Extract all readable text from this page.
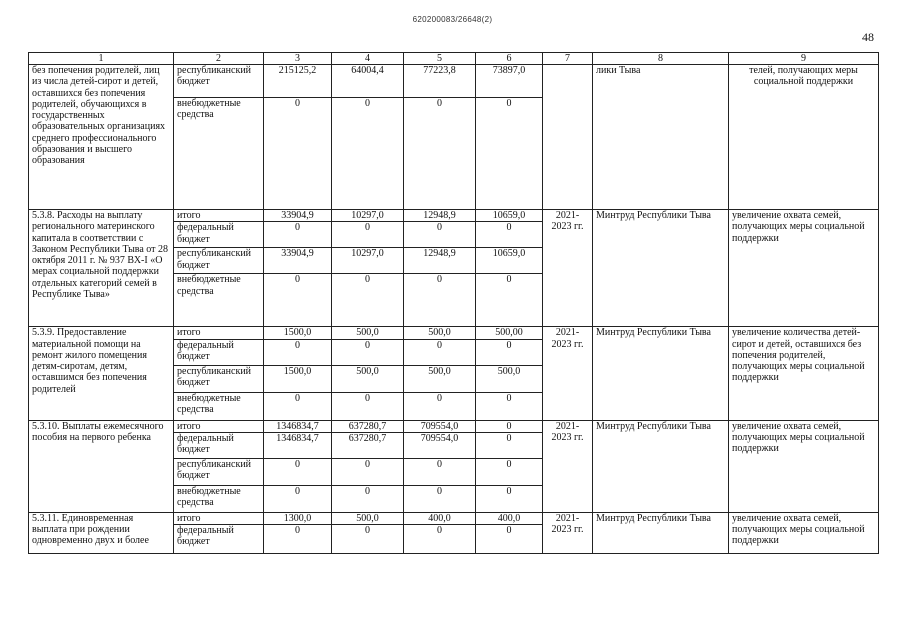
620200083/26648(2)
48
1	2	3	4	5	6	7	8	9
без попечения родителей, лиц из числа детей-сирот и детей, оставшихся без попечения родителей, обучающихся в государственных образовательных организациях среднего профессионального образования и высшего образования	республиканский бюджет	215125,2	64004,4	77223,8	73897,0		лики Тыва	телей, получающих меры социальной поддержки
	внебюджетные средства	0	0	0	0			
5.3.8. Расходы на выплату регионального материнского капитала в соответствии с Законом Республики Тыва от 28 октября 2011 г. № 937 ВХ-I «О мерах социальной поддержки отдельных категорий семей в Республике Тыва»	итого	33904,9	10297,0	12948,9	10659,0	2021-2023 гг.	Минтруд Республики Тыва	увеличение охвата семей, получающих меры социальной поддержки
	федеральный бюджет	0	0	0	0			
	республиканский бюджет	33904,9	10297,0	12948,9	10659,0			
	внебюджетные средства	0	0	0	0			
5.3.9. Предоставление материальной помощи на ремонт жилого помещения детям-сиротам, детям, оставшимся без попечения родителей	итого	1500,0	500,0	500,0	500,00	2021-2023 гг.	Минтруд Республики Тыва	увеличение количества детей-сирот и детей, оставшихся без попечения родителей, получающих меры социальной поддержки
	федеральный бюджет	0	0	0	0			
	республиканский бюджет	1500,0	500,0	500,0	500,0			
	внебюджетные средства	0	0	0	0			
5.3.10. Выплаты ежемесячного пособия на первого ребенка	итого	1346834,7	637280,7	709554,0	0	2021-2023 гг.	Минтруд Республики Тыва	увеличение охвата семей, получающих меры социальной поддержки
	федеральный бюджет	1346834,7	637280,7	709554,0	0			
	республиканский бюджет	0	0	0	0			
	внебюджетные средства	0	0	0	0			
5.3.11. Единовременная выплата при рождении одновременно двух и более	итого	1300,0	500,0	400,0	400,0	2021-2023 гг.	Минтруд Республики Тыва	увеличение охвата семей, получающих меры социальной поддержки
	федеральный бюджет	0	0	0	0			
